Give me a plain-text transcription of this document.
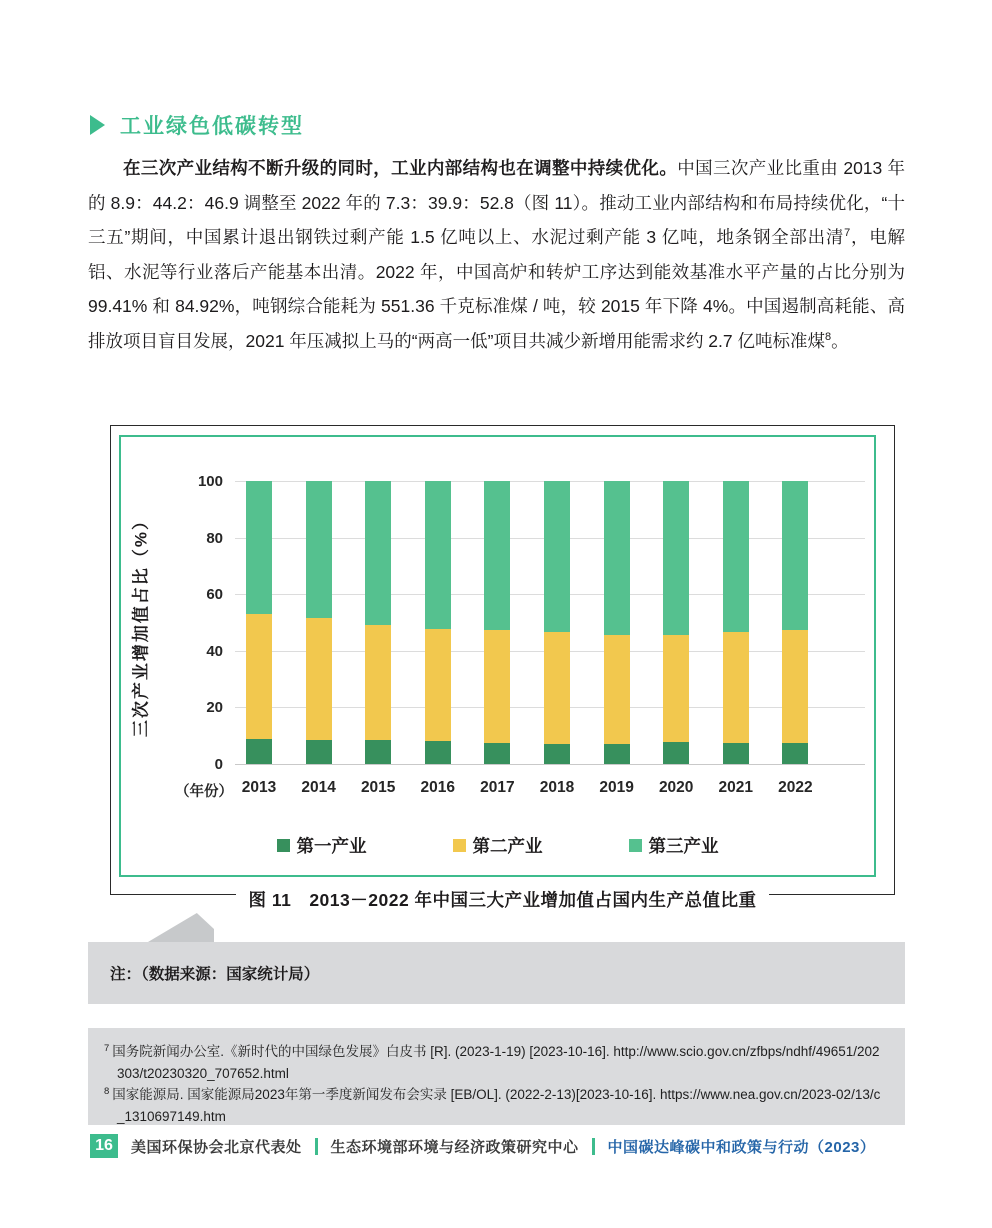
工业绿色低碳转型

在三次产业结构不断升级的同时，工业内部结构也在调整中持续优化。中国三次产业比重由 2013 年的 8.9：44.2：46.9 调整至 2022 年的 7.3：39.9：52.8（图 11）。推动工业内部结构和布局持续优化，“十三五”期间，中国累计退出钢铁过剩产能 1.5 亿吨以上、水泥过剩产能 3 亿吨，地条钢全部出清$^7$，电解铝、水泥等行业落后产能基本出清。2022 年，中国高炉和转炉工序达到能效基准水平产量的占比分别为 99.41% 和 84.92%，吨钢综合能耗为 551.36 千克标准煤 / 吨，较 2015 年下降 4%。中国遏制高耗能、高排放项目盲目发展，2021 年压减拟上马的“两高一低”项目共减少新增用能需求约 2.7 亿吨标准煤$^8$。

0
20
40
60
80
100
2013	2014	2015	2016	2017	2018	2019	2020	2021	2022
（年份）
三次产业增加值占比（%）
第一产业	第二产业	第三产业
图 11　2013－2022 年中国三大产业增加值占国内生产总值比重
注：（数据来源：国家统计局）

$^7$ 国务院新闻办公室.《新时代的中国绿色发展》白皮书 [R]. (2023-1-19) [2023-10-16]. http://www.scio.gov.cn/zfbps/ndhf/49651/202303/t20230320_707652.html

$^8$ 国家能源局. 国家能源局2023年第一季度新闻发布会实录 [EB/OL]. (2022-2-13)[2023-10-16]. https://www.nea.gov.cn/2023-02/13/c_1310697149.htm

16	美国环保协会北京代表处 生态环境部环境与经济政策研究中心 中国碳达峰碳中和政策与行动（2023）
